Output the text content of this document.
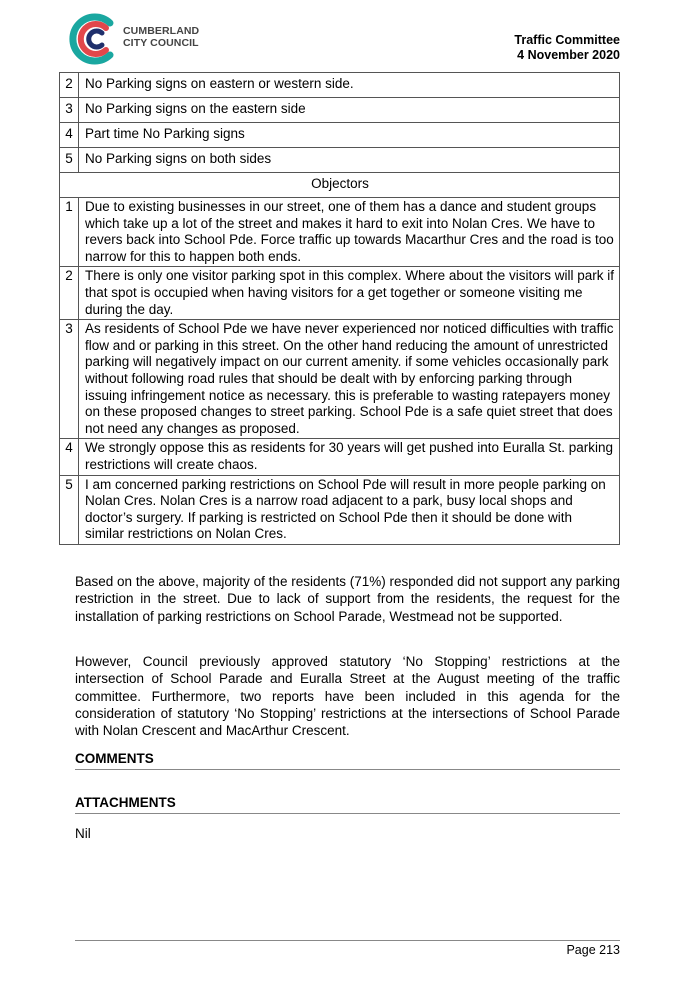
CUMBERLAND
CITY COUNCIL	Traffic Committee
4 November 2020
2	No Parking signs on eastern or western side.
3	No Parking signs on the eastern side
4	Part time No Parking signs
5	No Parking signs on both sides
Objectors	
1	Due to existing businesses in our street, one of them has a dance and student groups which take up a lot of the street and makes it hard to exit into Nolan Cres. We have to revers back into School Pde. Force traffic up towards Macarthur Cres and the road is too narrow for this to happen both ends.
2	There is only one visitor parking spot in this complex. Where about the visitors will park if that spot is occupied when having visitors for a get together or someone visiting me during the day.
3	As residents of School Pde we have never experienced nor noticed difficulties with traffic flow and or parking in this street. On the other hand reducing the amount of unrestricted parking will negatively impact on our current amenity. if some vehicles occasionally park without following road rules that should be dealt with by enforcing parking through issuing infringement notice as necessary. this is preferable to wasting ratepayers money on these proposed changes to street parking. School Pde is a safe quiet street that does not need any changes as proposed.
4	We strongly oppose this as residents for 30 years will get pushed into Euralla St. parking restrictions will create chaos.
5	I am concerned parking restrictions on School Pde will result in more people parking on Nolan Cres. Nolan Cres is a narrow road adjacent to a park, busy local shops and doctor’s surgery. If parking is restricted on School Pde then it should be done with similar restrictions on Nolan Cres.

Based on the above, majority of the residents (71%) responded did not support any parking restriction in the street. Due to lack of support from the residents, the request for the installation of parking restrictions on School Parade, Westmead not be supported.

However, Council previously approved statutory ‘No Stopping’ restrictions at the intersection of School Parade and Euralla Street at the August meeting of the traffic committee. Furthermore, two reports have been included in this agenda for the consideration of statutory ‘No Stopping’ restrictions at the intersections of School Parade with Nolan Crescent and MacArthur Crescent.

COMMENTS
ATTACHMENTS
Nil
Page 213
